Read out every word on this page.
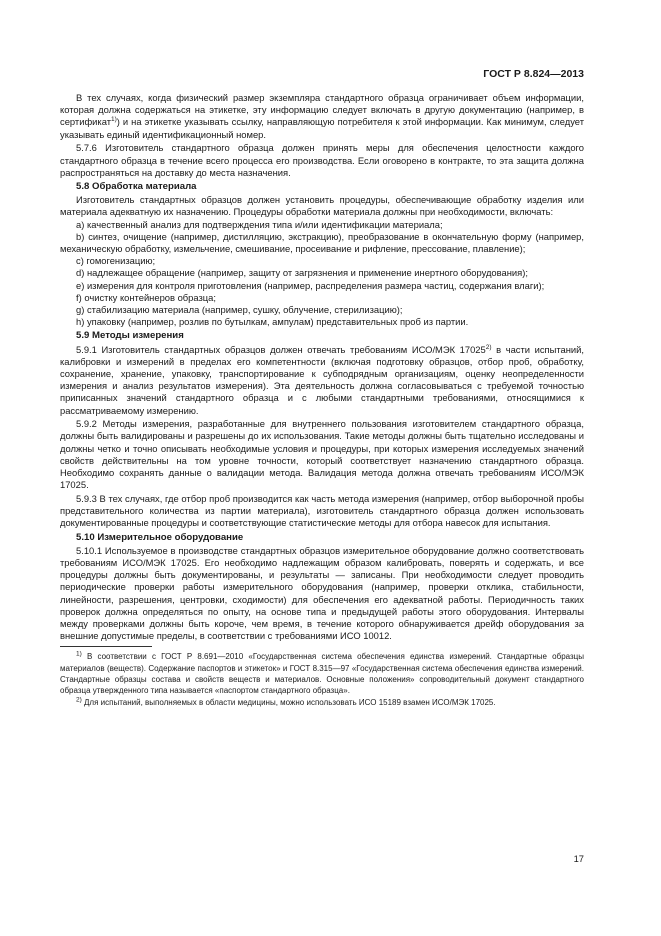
ГОСТ Р 8.824—2013

В тех случаях, когда физический размер экземпляра стандартного образца ограничивает объем информации, которая должна содержаться на этикетке, эту информацию следует включать в другую документацию (например, в сертификат$^{1)}$) и на этикетке указывать ссылку, направляющую потребителя к этой информации. Как минимум, следует указывать единый идентификационный номер.

5.7.6 Изготовитель стандартного образца должен принять меры для обеспечения целостности каждого стандартного образца в течение всего процесса его производства. Если оговорено в контракте, то эта защита должна распространяться на доставку до места назначения.

5.8 Обработка материала

Изготовитель стандартных образцов должен установить процедуры, обеспечивающие обработку изделия или материала адекватную их назначению. Процедуры обработки материала должны при необходимости, включать:

a) качественный анализ для подтверждения типа и/или идентификации материала;

b) синтез, очищение (например, дистилляцию, экстракцию), преобразование в окончательную форму (например, механическую обработку, измельчение, смешивание, просеивание и рифление, прессование, плавление);

c) гомогенизацию;

d) надлежащее обращение (например, защиту от загрязнения и применение инертного оборудования);

e) измерения для контроля приготовления (например, распределения размера частиц, содержания влаги);

f) очистку контейнеров образца;

g) стабилизацию материала (например, сушку, облучение, стерилизацию);

h) упаковку (например, розлив по бутылкам, ампулам) представительных проб из партии.

5.9 Методы измерения

5.9.1 Изготовитель стандартных образцов должен отвечать требованиям ИСО/МЭК 17025$^{2)}$ в части испытаний, калибровки и измерений в пределах его компетентности (включая подготовку образцов, отбор проб, обработку, сохранение, хранение, упаковку, транспортирование к субподрядным организациям, оценку неопределенности измерения и анализ результатов измерения). Эта деятельность должна согласовываться с требуемой точностью приписанных значений стандартного образца и с любыми стандартными требованиями, относящимися к рассматриваемому измерению.

5.9.2 Методы измерения, разработанные для внутреннего пользования изготовителем стандартного образца, должны быть валидированы и разрешены до их использования. Такие методы должны быть тщательно исследованы и должны четко и точно описывать необходимые условия и процедуры, при которых измерения исследуемых значений свойств действительны на том уровне точности, который соответствует назначению стандартного образца. Необходимо сохранять данные о валидации метода. Валидация метода должна отвечать требованиям ИСО/МЭК 17025.

5.9.3 В тех случаях, где отбор проб производится как часть метода измерения (например, отбор выборочной пробы представительного количества из партии материала), изготовитель стандартного образца должен использовать документированные процедуры и соответствующие статистические методы для отбора навесок для испытания.

5.10 Измерительное оборудование

5.10.1 Используемое в производстве стандартных образцов измерительное оборудование должно соответствовать требованиям ИСО/МЭК 17025. Его необходимо надлежащим образом калибровать, поверять и содержать, и все процедуры должны быть документированы, и результаты — записаны. При необходимости следует проводить периодические проверки работы измерительного оборудования (например, проверки отклика, стабильности, линейности, разрешения, центровки, сходимости) для обеспечения его адекватной работы. Периодичность таких проверок должна определяться по опыту, на основе типа и предыдущей работы этого оборудования. Интервалы между проверками должны быть короче, чем время, в течение которого обнаруживается дрейф оборудования за внешние допустимые пределы, в соответствии с требованиями ИСО 10012.

$^{1)}$ В соответствии с ГОСТ Р 8.691—2010 «Государственная система обеспечения единства измерений. Стандартные образцы материалов (веществ). Содержание паспортов и этикеток» и ГОСТ 8.315—97 «Государственная система обеспечения единства измерений. Стандартные образцы состава и свойств веществ и материалов. Основные положения» сопроводительный документ стандартного образца утвержденного типа называется «паспортом стандартного образца».

$^{2)}$ Для испытаний, выполняемых в области медицины, можно использовать ИСО 15189 взамен ИСО/МЭК 17025.

17
